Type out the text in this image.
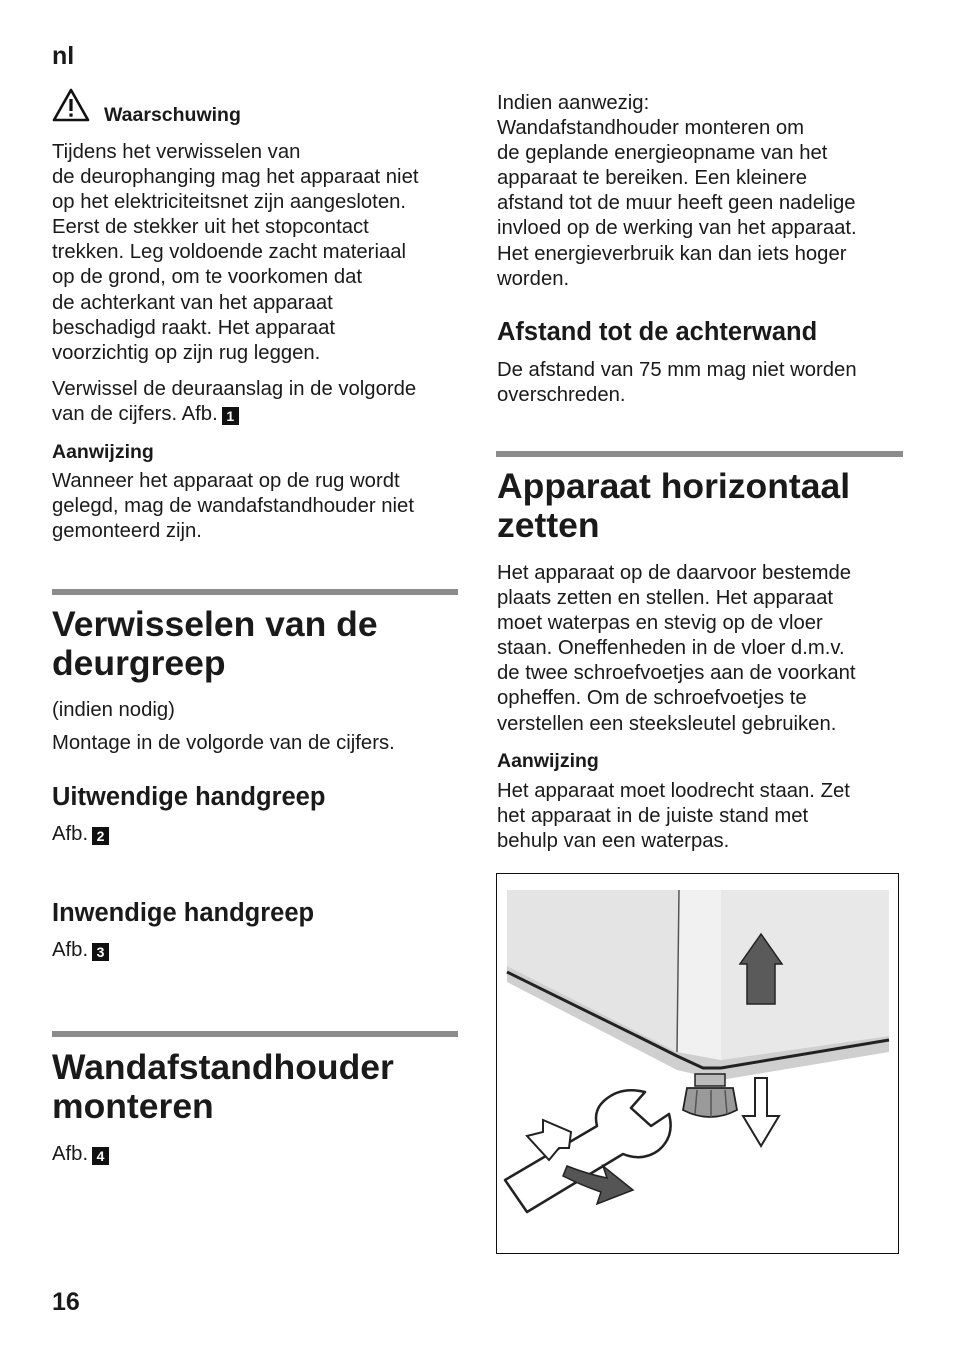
nl
16
Waarschuwing
Tijdens het verwisselen van
de deurophanging mag het apparaat niet
op het elektriciteitsnet zijn aangesloten.
Eerst de stekker uit het stopcontact
trekken. Leg voldoende zacht materiaal
op de grond, om te voorkomen dat
de achterkant van het apparaat
beschadigd raakt. Het apparaat
voorzichtig op zijn rug leggen.
Verwissel de deuraanslag in de volgorde
van de cijfers. Afb. 1
Aanwijzing
Wanneer het apparaat op de rug wordt
gelegd, mag de wandafstandhouder niet
gemonteerd zijn.
Verwisselen van de
deurgreep
(indien nodig)
Montage in de volgorde van de cijfers.
Uitwendige handgreep
Afb. 2
Inwendige handgreep
Afb. 3
Wandafstandhouder
monteren
Afb. 4
Indien aanwezig:
Wandafstandhouder monteren om
de geplande energieopname van het
apparaat te bereiken. Een kleinere
afstand tot de muur heeft geen nadelige
invloed op de werking van het apparaat.
Het energieverbruik kan dan iets hoger
worden.
Afstand tot de achterwand
De afstand van 75 mm mag niet worden
overschreden.
Apparaat horizontaal
zetten
Het apparaat op de daarvoor bestemde
plaats zetten en stellen. Het apparaat
moet waterpas en stevig op de vloer
staan. Oneffenheden in de vloer d.m.v.
de twee schroefvoetjes aan de voorkant
opheffen. Om de schroefvoetjes te
verstellen een steeksleutel gebruiken.
Aanwijzing
Het apparaat moet loodrecht staan. Zet
het apparaat in de juiste stand met
behulp van een waterpas.
